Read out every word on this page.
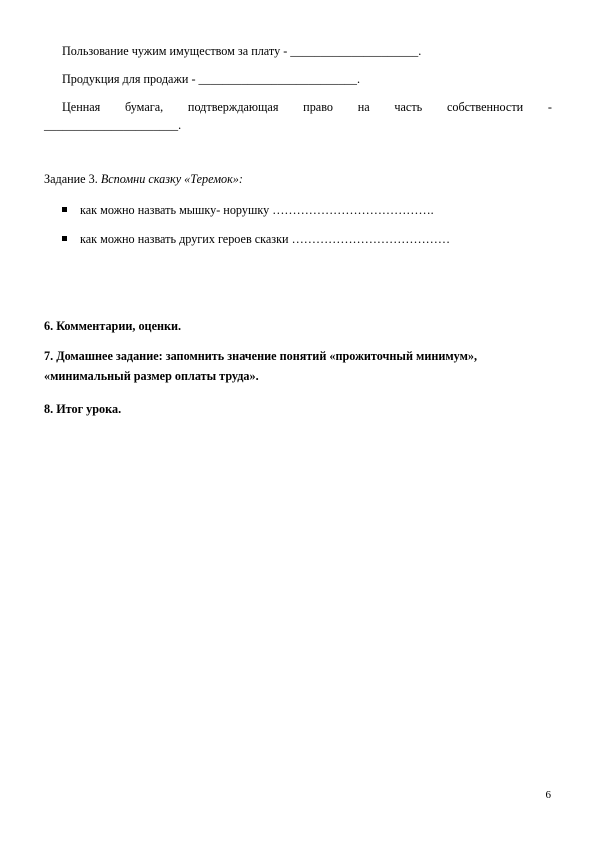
Пользование чужим имуществом за плату - _____________________.
Продукция для продажи - __________________________.
Ценная бумага, подтверждающая право на часть собственности -
______________________.
Задание 3. Вспомни сказку «Теремок»:
как можно назвать мышку- норушку ………………………………….
как можно назвать других героев сказки …………………………………
6. Комментарии, оценки.
7. Домашнее задание: запомнить значение понятий «прожиточный минимум»,
«минимальный размер оплаты труда».
8. Итог урока.
6
